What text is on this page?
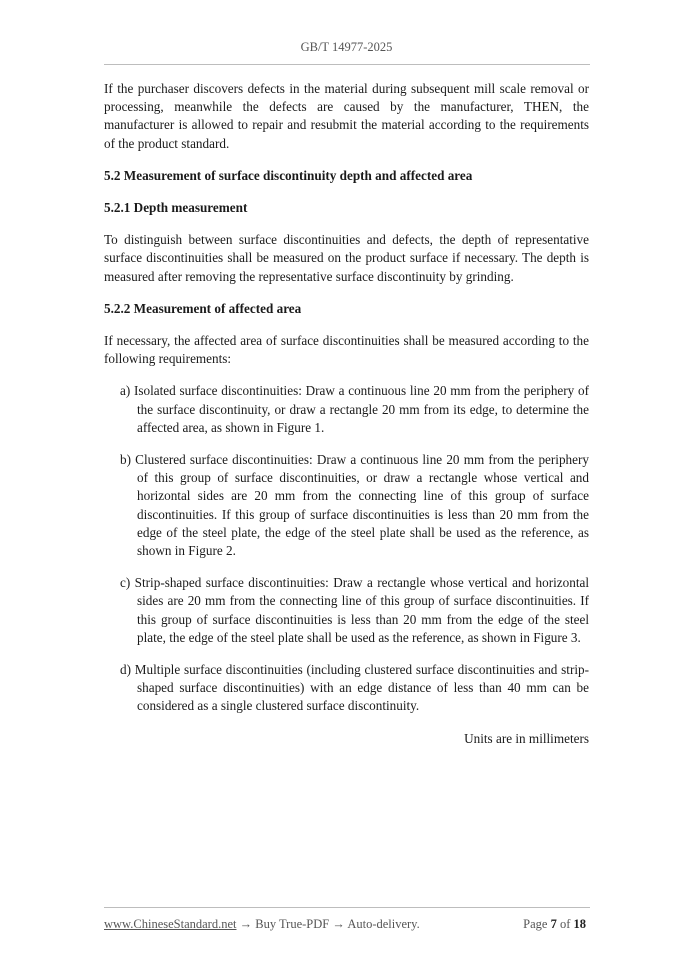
GB/T 14977-2025

If the purchaser discovers defects in the material during subsequent mill scale removal or processing, meanwhile the defects are caused by the manufacturer, THEN, the manufacturer is allowed to repair and resubmit the material according to the requirements of the product standard.

5.2 Measurement of surface discontinuity depth and affected area
5.2.1 Depth measurement

To distinguish between surface discontinuities and defects, the depth of representative surface discontinuities shall be measured on the product surface if necessary. The depth is measured after removing the representative surface discontinuity by grinding.

5.2.2 Measurement of affected area

If necessary, the affected area of surface discontinuities shall be measured according to the following requirements:

a) Isolated surface discontinuities: Draw a continuous line 20 mm from the periphery of the surface discontinuity, or draw a rectangle 20 mm from its edge, to determine the affected area, as shown in Figure 1.

b) Clustered surface discontinuities: Draw a continuous line 20 mm from the periphery of this group of surface discontinuities, or draw a rectangle whose vertical and horizontal sides are 20 mm from the connecting line of this group of surface discontinuities. If this group of surface discontinuities is less than 20 mm from the edge of the steel plate, the edge of the steel plate shall be used as the reference, as shown in Figure 2.

c) Strip-shaped surface discontinuities: Draw a rectangle whose vertical and horizontal sides are 20 mm from the connecting line of this group of surface discontinuities. If this group of surface discontinuities is less than 20 mm from the edge of the steel plate, the edge of the steel plate shall be used as the reference, as shown in Figure 3.

d) Multiple surface discontinuities (including clustered surface discontinuities and strip-shaped surface discontinuities) with an edge distance of less than 40 mm can be considered as a single clustered surface discontinuity.

Units are in millimeters

www.ChineseStandard.net → Buy True-PDF → Auto-delivery.	Page 7 of 18
